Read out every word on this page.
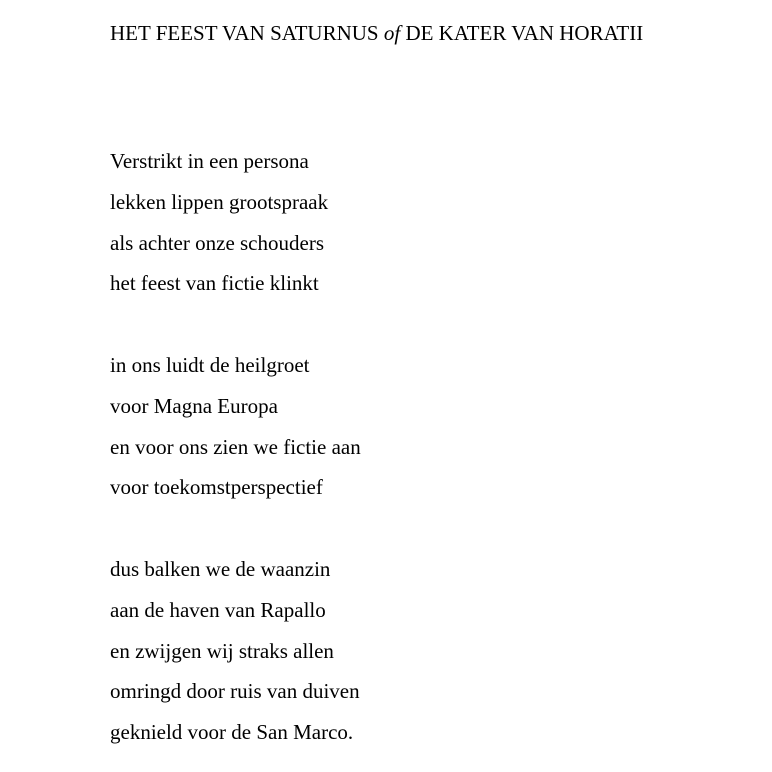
HET FEEST VAN SATURNUS of DE KATER VAN HORATII
Verstrikt in een persona
lekken lippen grootspraak
als achter onze schouders
het feest van fictie klinkt
in ons luidt de heilgroet
voor Magna Europa
en voor ons zien we fictie aan
voor toekomstperspectief
dus balken we de waanzin
aan de haven van Rapallo
en zwijgen wij straks allen
omringd door ruis van duiven
geknield voor de San Marco.
